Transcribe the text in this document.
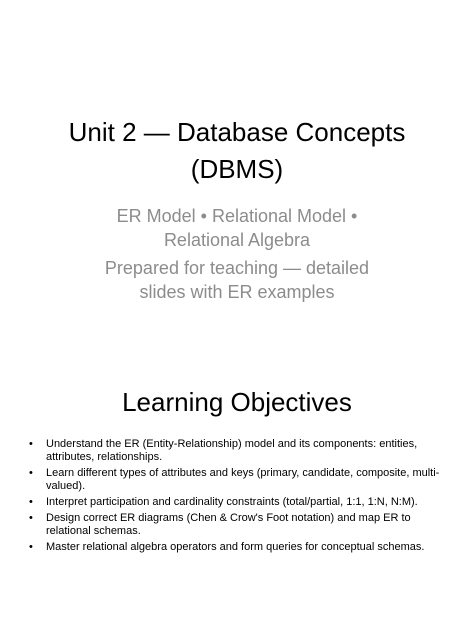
Unit 2 — Database Concepts
(DBMS)

ER Model • Relational Model •
Relational Algebra

Prepared for teaching — detailed
slides with ER examples

Learning Objectives
• Understand the ER (Entity-Relationship) model and its components: entities,
attributes, relationships.
• Learn different types of attributes and keys (primary, candidate, composite, multi-
valued).
• Interpret participation and cardinality constraints (total/partial, 1:1, 1:N, N:M).
• Design correct ER diagrams (Chen & Crow's Foot notation) and map ER to
relational schemas.
• Master relational algebra operators and form queries for conceptual schemas.
